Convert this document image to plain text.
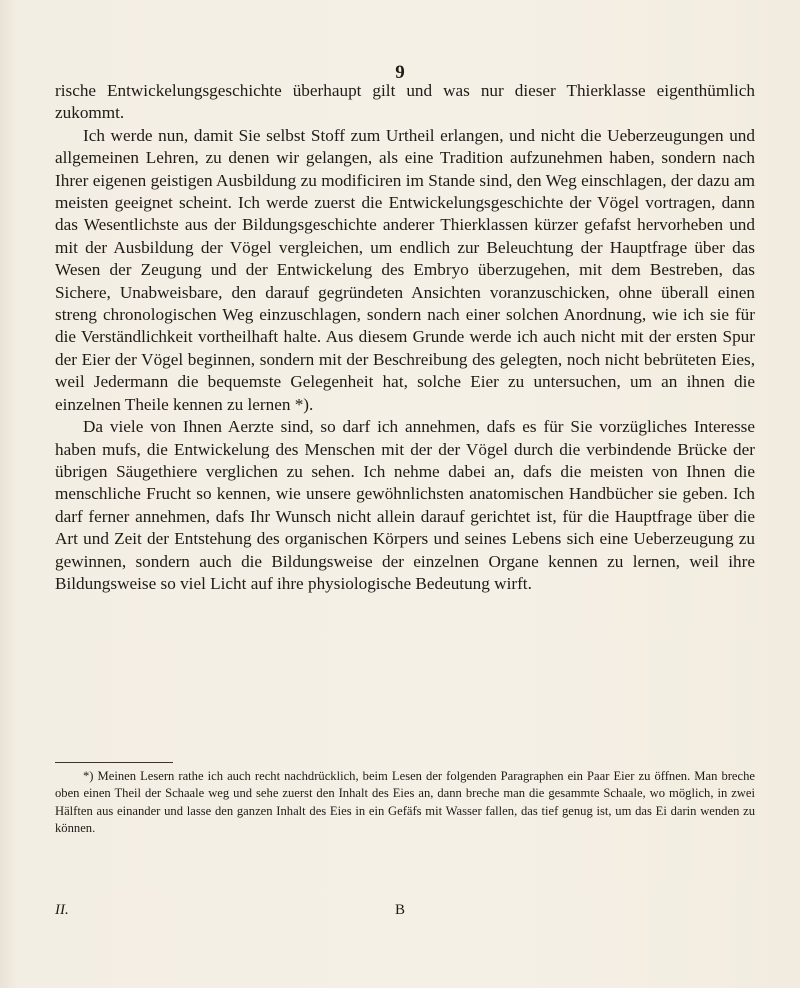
9

rische Entwickelungsgeschichte überhaupt gilt und was nur dieser Thierklasse eigenthümlich zukommt.

Ich werde nun, damit Sie selbst Stoff zum Urtheil erlangen, und nicht die Ueberzeugungen und allgemeinen Lehren, zu denen wir gelangen, als eine Tradition aufzunehmen haben, sondern nach Ihrer eigenen geistigen Ausbildung zu modificiren im Stande sind, den Weg einschlagen, der dazu am meisten geeignet scheint. Ich werde zuerst die Entwickelungsgeschichte der Vögel vortragen, dann das Wesentlichste aus der Bildungsgeschichte anderer Thierklassen kürzer gefafst hervorheben und mit der Ausbildung der Vögel vergleichen, um endlich zur Beleuchtung der Hauptfrage über das Wesen der Zeugung und der Entwickelung des Embryo überzugehen, mit dem Bestreben, das Sichere, Unabweisbare, den darauf gegründeten Ansichten voranzuschicken, ohne überall einen streng chronologischen Weg einzuschlagen, sondern nach einer solchen Anordnung, wie ich sie für die Verständlichkeit vortheilhaft halte. Aus diesem Grunde werde ich auch nicht mit der ersten Spur der Eier der Vögel beginnen, sondern mit der Beschreibung des gelegten, noch nicht bebrüteten Eies, weil Jedermann die bequemste Gelegenheit hat, solche Eier zu untersuchen, um an ihnen die einzelnen Theile kennen zu lernen *).

Da viele von Ihnen Aerzte sind, so darf ich annehmen, dafs es für Sie vorzügliches Interesse haben mufs, die Entwickelung des Menschen mit der der Vögel durch die verbindende Brücke der übrigen Säugethiere verglichen zu sehen. Ich nehme dabei an, dafs die meisten von Ihnen die menschliche Frucht so kennen, wie unsere gewöhnlichsten anatomischen Handbücher sie geben. Ich darf ferner annehmen, dafs Ihr Wunsch nicht allein darauf gerichtet ist, für die Hauptfrage über die Art und Zeit der Entstehung des organischen Körpers und seines Lebens sich eine Ueberzeugung zu gewinnen, sondern auch die Bildungsweise der einzelnen Organe kennen zu lernen, weil ihre Bildungsweise so viel Licht auf ihre physiologische Bedeutung wirft.

*) Meinen Lesern rathe ich auch recht nachdrücklich, beim Lesen der folgenden Paragraphen ein Paar Eier zu öffnen. Man breche oben einen Theil der Schaale weg und sehe zuerst den Inhalt des Eies an, dann breche man die gesammte Schaale, wo möglich, in zwei Hälften aus einander und lasse den ganzen Inhalt des Eies in ein Gefäfs mit Wasser fallen, das tief genug ist, um das Ei darin wenden zu können.
II.	B
